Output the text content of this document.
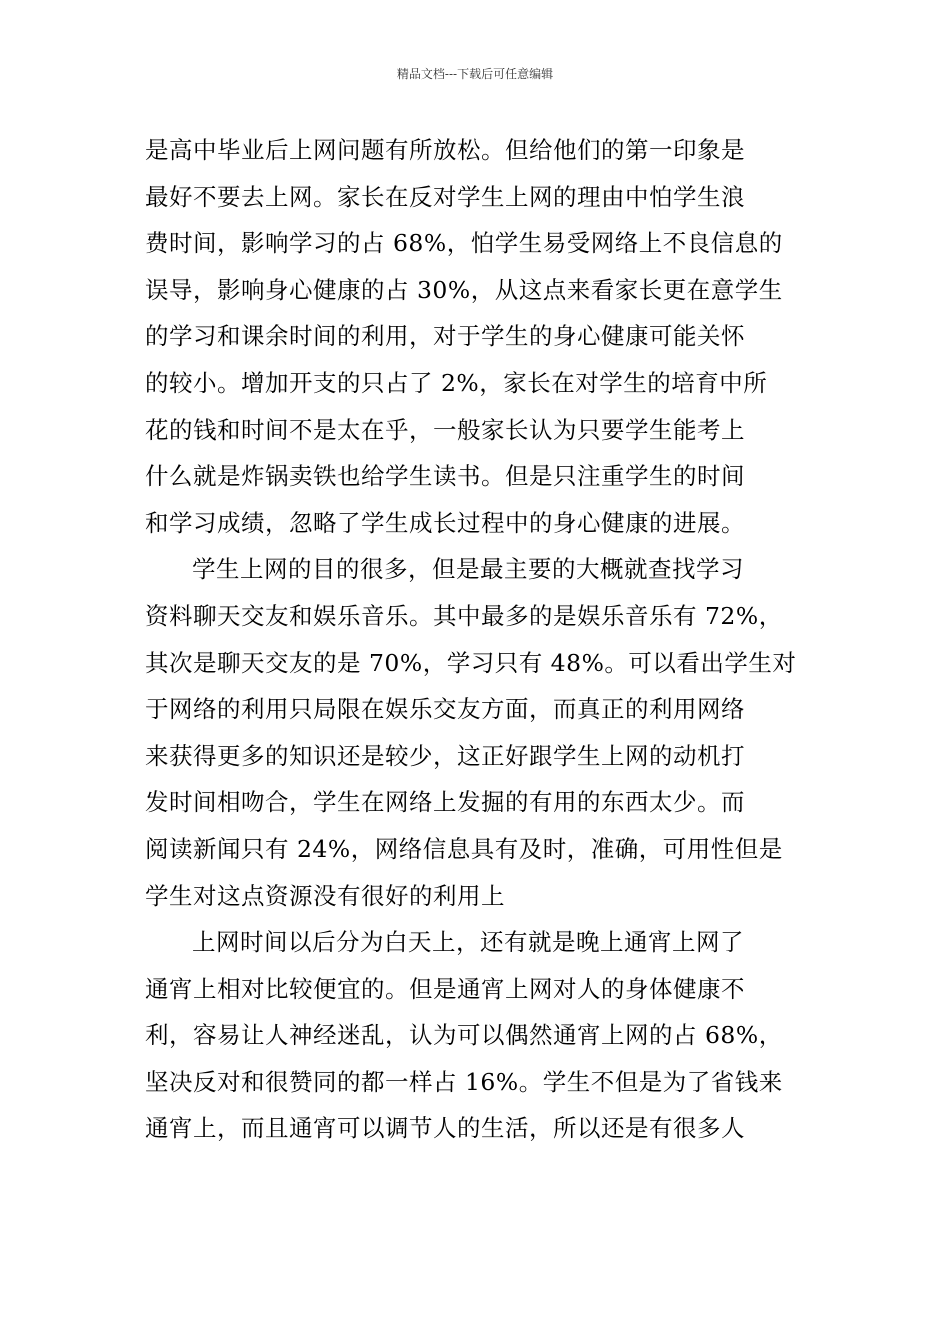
精品文档---下载后可任意编辑
是高中毕业后上网问题有所放松。但给他们的第一印象是
最好不要去上网。家长在反对学生上网的理由中怕学生浪
费时间，影响学习的占 68%，怕学生易受网络上不良信息的
误导，影响身心健康的占 30%，从这点来看家长更在意学生
的学习和课余时间的利用，对于学生的身心健康可能关怀
的较小。增加开支的只占了 2%，家长在对学生的培育中所
花的钱和时间不是太在乎，一般家长认为只要学生能考上
什么就是炸锅卖铁也给学生读书。但是只注重学生的时间
和学习成绩，忽略了学生成长过程中的身心健康的进展。
学生上网的目的很多，但是最主要的大概就查找学习
资料聊天交友和娱乐音乐。其中最多的是娱乐音乐有 72%，
其次是聊天交友的是 70%，学习只有 48%。可以看出学生对
于网络的利用只局限在娱乐交友方面，而真正的利用网络
来获得更多的知识还是较少，这正好跟学生上网的动机打
发时间相吻合，学生在网络上发掘的有用的东西太少。而
阅读新闻只有 24%，网络信息具有及时，准确，可用性但是
学生对这点资源没有很好的利用上
上网时间以后分为白天上，还有就是晚上通宵上网了
通宵上相对比较便宜的。但是通宵上网对人的身体健康不
利，容易让人神经迷乱，认为可以偶然通宵上网的占 68%，
坚决反对和很赞同的都一样占 16%。学生不但是为了省钱来
通宵上，而且通宵可以调节人的生活，所以还是有很多人
